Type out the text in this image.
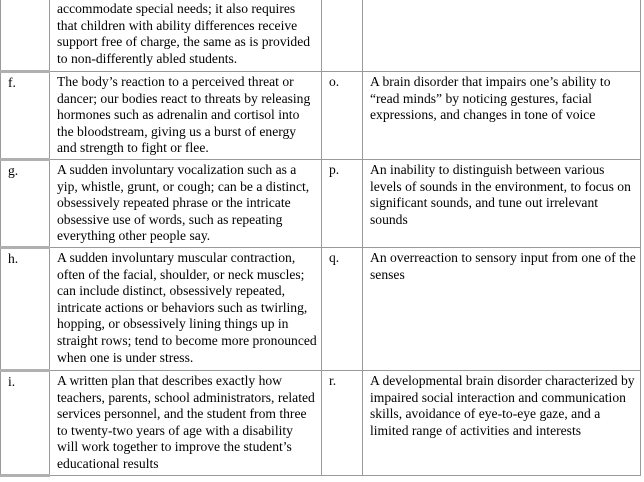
	accommodate special needs; it also requires that children with ability differences receive support free of charge, the same as is provided to non-differently abled students.		
f.	The body’s reaction to a perceived threat or dancer; our bodies react to threats by releasing hormones such as adrenalin and cortisol into the bloodstream, giving us a burst of energy and strength to fight or flee.	o.	A brain disorder that impairs one’s ability to “read minds” by noticing gestures, facial expressions, and changes in tone of voice
g.	A sudden involuntary vocalization such as a yip, whistle, grunt, or cough; can be a distinct, obsessively repeated phrase or the intricate obsessive use of words, such as repeating everything other people say.	p.	An inability to distinguish between various levels of sounds in the environment, to focus on significant sounds, and tune out irrelevant sounds
h.	A sudden involuntary muscular contraction, often of the facial, shoulder, or neck muscles; can include distinct, obsessively repeated, intricate actions or behaviors such as twirling, hopping, or obsessively lining things up in straight rows; tend to become more pronounced when one is under stress.	q.	An overreaction to sensory input from one of the senses
i.	A written plan that describes exactly how teachers, parents, school administrators, related services personnel, and the student from three to twenty-two years of age with a disability will work together to improve the student’s educational results	r.	A developmental brain disorder characterized by impaired social interaction and communication skills, avoidance of eye-to-eye gaze, and a limited range of activities and interests
